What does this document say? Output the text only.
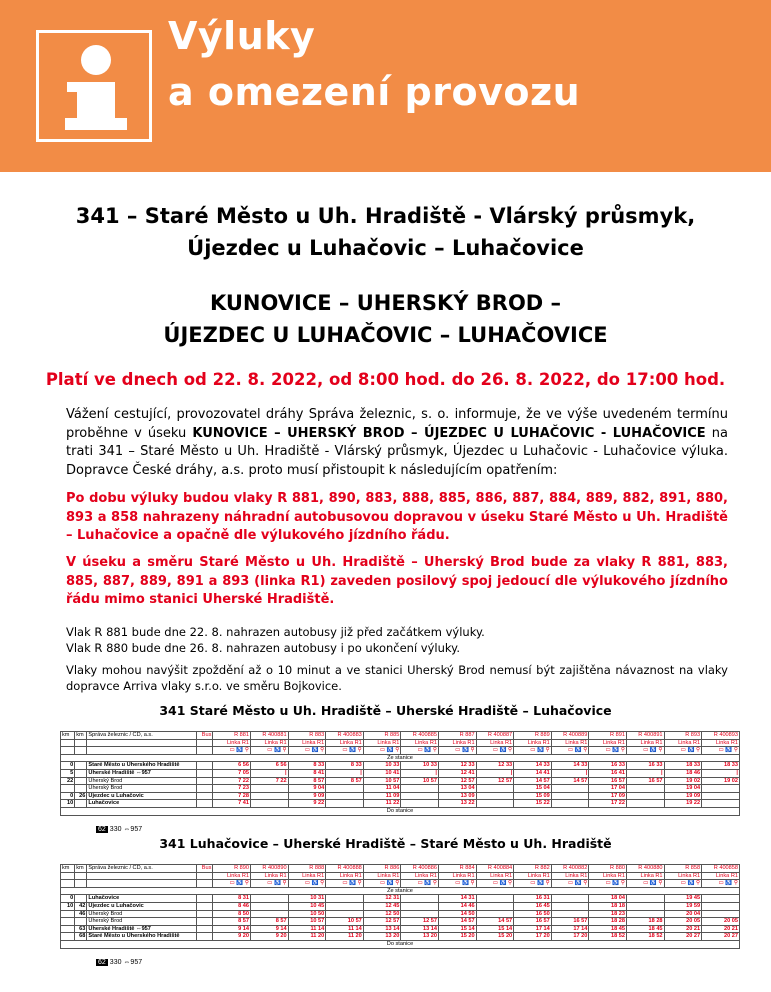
Výluky
a omezení provozu
341 – Staré Město u Uh. Hradiště - Vlárský průsmyk,
Újezdec u Luhačovic – Luhačovice
KUNOVICE – UHERSKÝ BROD –
ÚJEZDEC U LUHAČOVIC – LUHAČOVICE
Platí ve dnech od 22. 8. 2022, od 8:00 hod. do 26. 8. 2022, do 17:00 hod.
Vážení cestující, provozovatel dráhy Správa železnic, s. o. informuje, že ve výše uvedeném termínu proběhne v úseku KUNOVICE – UHERSKÝ BROD – ÚJEZDEC U LUHAČOVIC - LUHAČOVICE na trati 341 – Staré Město u Uh. Hradiště - Vlárský průsmyk, Újezdec u Luhačovic - Luhačovice výluka. Dopravce České dráhy, a.s. proto musí přistoupit k následujícím opatřením:
Po dobu výluky budou vlaky R 881, 890, 883, 888, 885, 886, 887, 884, 889, 882, 891, 880, 893 a 858 nahrazeny náhradní autobusovou dopravou v úseku Staré Město u Uh. Hradiště – Luhačovice a opačně dle výlukového jízdního řádu.
V úseku a směru Staré Město u Uh. Hradiště – Uherský Brod bude za vlaky R 881, 883, 885, 887, 889, 891 a 893 (linka R1) zaveden posilový spoj jedoucí dle výlukového jízdního řádu mimo stanici Uherské Hradiště.
Vlak R 881 bude dne 22. 8. nahrazen autobusy již před začátkem výluky.
Vlak R 880 bude dne 26. 8. nahrazen autobusy i po ukončení výluky.
Vlaky mohou navýšit zpoždění až o 10 minut a ve stanici Uherský Brod nemusí být zajištěna návaznost na vlaky dopravce Arriva vlaky s.r.o. ve směru Bojkovice.
341 Staré Město u Uh. Hradiště – Uherské Hradiště – Luhačovice
km	km	Správa železnic / ČD, a.s.	Bus	R 881	R 400881	R 883	R 400883	R 885	R 400885	R 887	R 400887	R 889	R 400889	R 891	R 400891	R 893	R 400893
				Linka R1	Linka R1	Linka R1	Linka R1	Linka R1	Linka R1	Linka R1	Linka R1	Linka R1	Linka R1	Linka R1	Linka R1	Linka R1	Linka R1
				▭ ♿ ⚲	▭ ♿ ⚲	▭ ♿ ⚲	▭ ♿ ⚲	▭ ♿ ⚲	▭ ♿ ⚲	▭ ♿ ⚲	▭ ♿ ⚲	▭ ♿ ⚲	▭ ♿ ⚲	▭ ♿ ⚲	▭ ♿ ⚲	▭ ♿ ⚲	▭ ♿ ⚲
Ze stanice																	
0		Staré Město u Uherského Hradiště		6 56	6 56	8 33	8 33	10 33	10 33	12 33	12 33	14 33	14 33	16 33	16 33	18 33	18 33
5		Uherské Hradiště ⇔957		7 05	|	8 41	|	10 41	|	12 41	|	14 41	|	16 41	|	18 46	|
22		Uherský Brod		7 22	7 22	8 57	8 57	10 57	10 57	12 57	12 57	14 57	14 57	16 57	16 57	19 02	19 02
		Uherský Brod		7 23		9 04		11 04		13 04		15 04		17 04		19 04	
0	26	Újezdec u Luhačovic		7 28		9 09		11 09		13 09		15 09		17 09		19 09	
10		Luhačovice		7 41		9 22		11 22		13 22		15 22		17 22		19 22	
Do stanice																	
62 330 ⇔957
341 Luhačovice – Uherské Hradiště – Staré Město u Uh. Hradiště
km	km	Správa železnic / ČD, a.s.	Bus	R 890	R 400890	R 888	R 400888	R 886	R 400886	R 884	R 400884	R 882	R 400882	R 880	R 400880	R 858	R 400858
				Linka R1	Linka R1	Linka R1	Linka R1	Linka R1	Linka R1	Linka R1	Linka R1	Linka R1	Linka R1	Linka R1	Linka R1	Linka R1	Linka R1
				▭ ♿ ⚲	▭ ♿ ⚲	▭ ♿ ⚲	▭ ♿ ⚲	▭ ♿ ⚲	▭ ♿ ⚲	▭ ♿ ⚲	▭ ♿ ⚲	▭ ♿ ⚲	▭ ♿ ⚲	▭ ♿ ⚲	▭ ♿ ⚲	▭ ♿ ⚲	▭ ♿ ⚲
Ze stanice																	
0		Luhačovice		8 31		10 31		12 31		14 31		16 31		18 04		19 45	
10	42	Újezdec u Luhačovic		8 46		10 45		12 45		14 46		16 45		18 18		19 59	
	46	Uherský Brod		8 50		10 50		12 50		14 50		16 50		18 23		20 04	
		Uherský Brod		8 57	8 57	10 57	10 57	12 57	12 57	14 57	14 57	16 57	16 57	18 28	18 28	20 05	20 05
	63	Uherské Hradiště ⇔957		9 14	9 14	11 14	11 14	13 14	13 14	15 14	15 14	17 14	17 14	18 45	18 45	20 21	20 21
	68	Staré Město u Uherského Hradiště		9 20	9 20	11 20	11 20	13 20	13 20	15 20	15 20	17 20	17 20	18 52	18 52	20 27	20 27
Do stanice																	
62 330 ⇔957
